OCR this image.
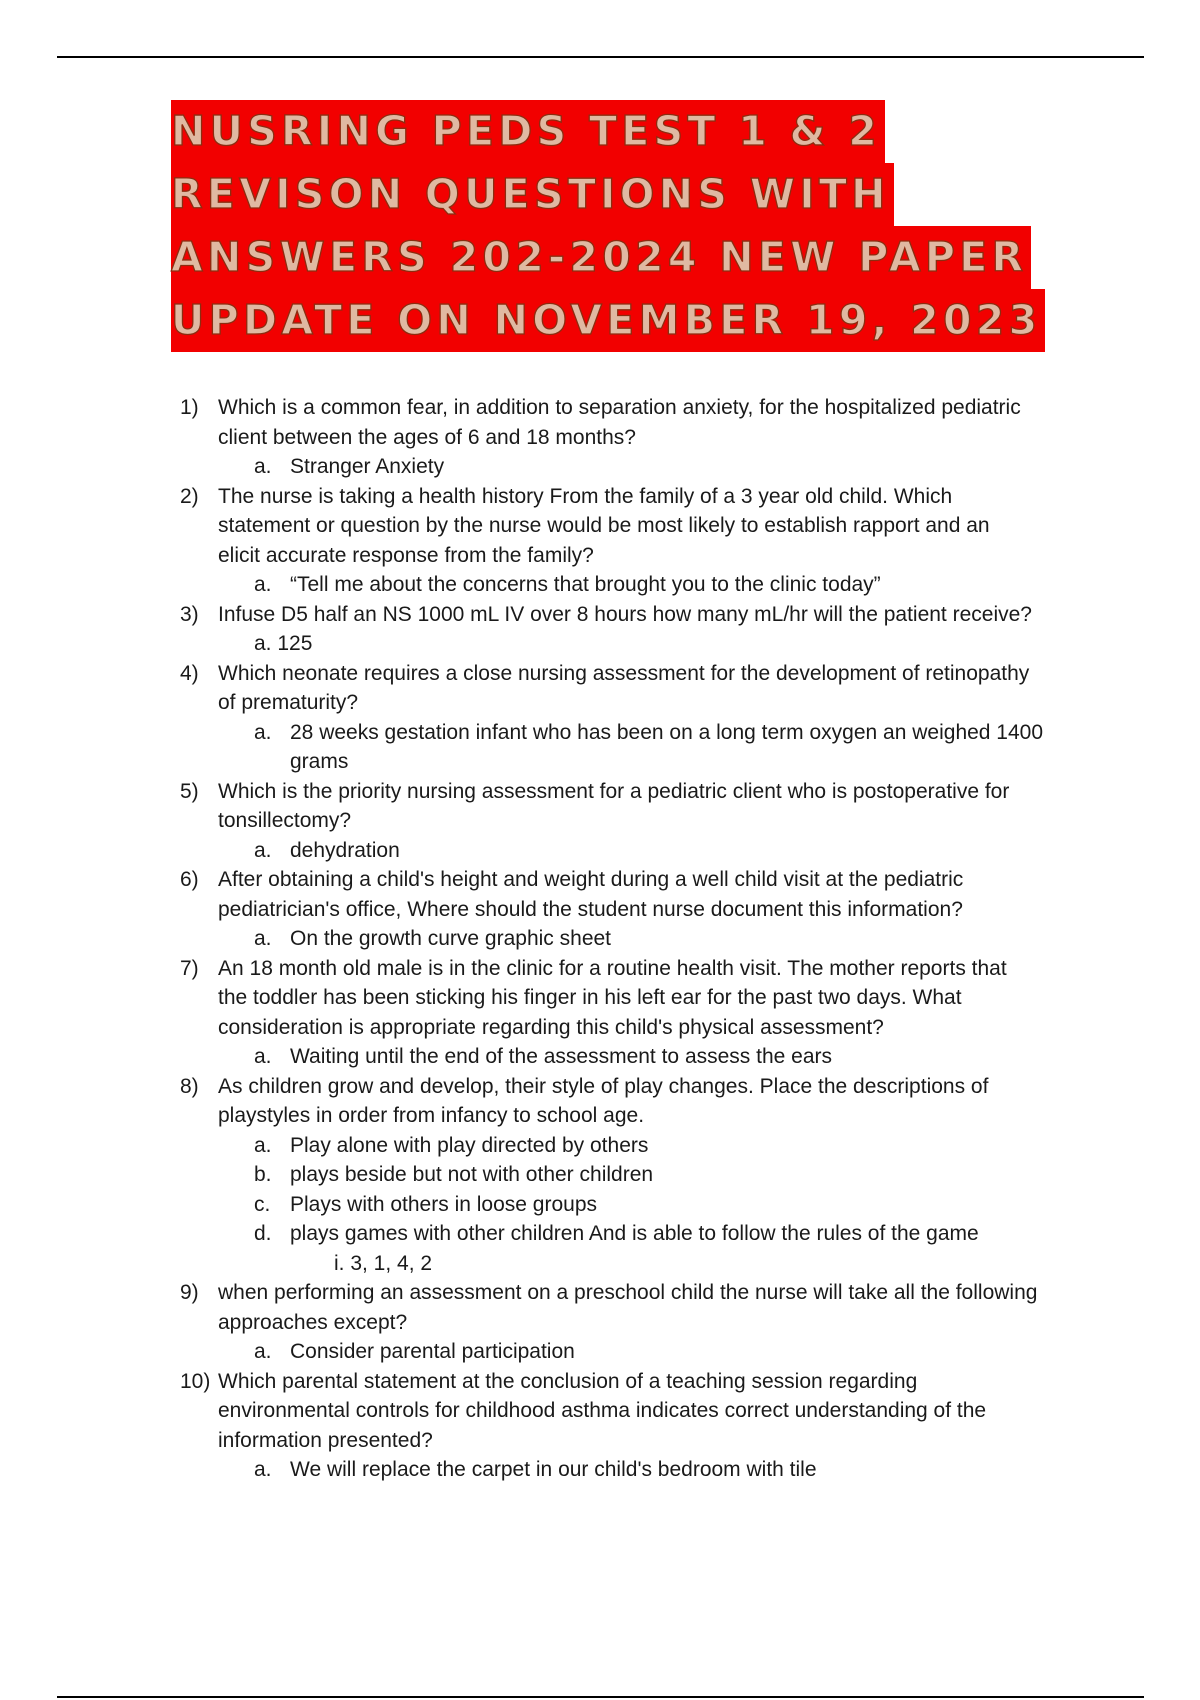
NUSRING PEDS TEST 1 & 2
REVISON QUESTIONS WITH
ANSWERS 202-2024 NEW PAPER
UPDATE ON NOVEMBER 19, 2023
1) Which is a common fear, in addition to separation anxiety, for the hospitalized pediatric
client between the ages of 6 and 18 months?
a. Stranger Anxiety
2) The nurse is taking a health history From the family of a 3 year old child. Which
statement or question by the nurse would be most likely to establish rapport and an
elicit accurate response from the family?
a. “Tell me about the concerns that brought you to the clinic today”
3) Infuse D5 half an NS 1000 mL IV over 8 hours how many mL/hr will the patient receive?
a. 125
4) Which neonate requires a close nursing assessment for the development of retinopathy
of prematurity?
a. 28 weeks gestation infant who has been on a long term oxygen an weighed 1400
grams
5) Which is the priority nursing assessment for a pediatric client who is postoperative for
tonsillectomy?
a. dehydration
6) After obtaining a child's height and weight during a well child visit at the pediatric
pediatrician's office, Where should the student nurse document this information?
a. On the growth curve graphic sheet
7) An 18 month old male is in the clinic for a routine health visit. The mother reports that
the toddler has been sticking his finger in his left ear for the past two days. What
consideration is appropriate regarding this child's physical assessment?
a. Waiting until the end of the assessment to assess the ears
8) As children grow and develop, their style of play changes. Place the descriptions of
playstyles in order from infancy to school age.
a. Play alone with play directed by others
b. plays beside but not with other children
c. Plays with others in loose groups
d. plays games with other children And is able to follow the rules of the game
i. 3, 1, 4, 2
9) when performing an assessment on a preschool child the nurse will take all the following
approaches except?
a. Consider parental participation
10) Which parental statement at the conclusion of a teaching session regarding
environmental controls for childhood asthma indicates correct understanding of the
information presented?
a. We will replace the carpet in our child's bedroom with tile
